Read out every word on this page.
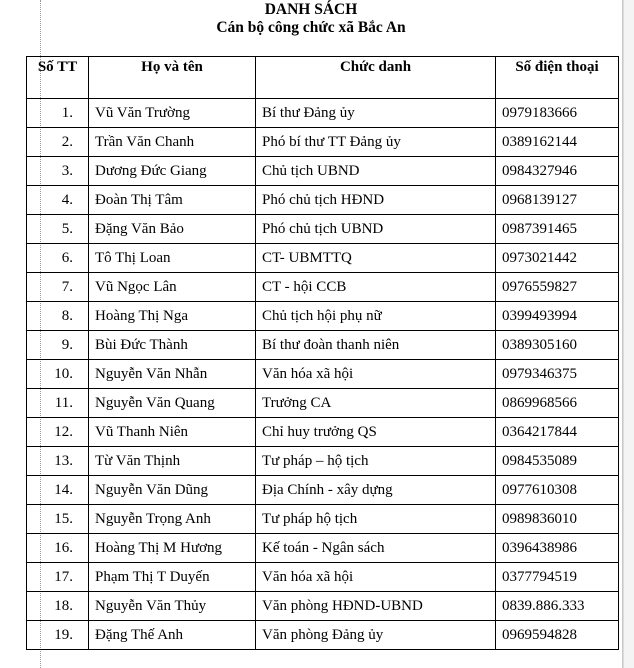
DANH SÁCH
Cán bộ công chức xã Bắc An
Số TT	Họ và tên	Chức danh	Số điện thoại
1.	Vũ Văn Trường	Bí thư Đảng ủy	0979183666
2.	Trần Văn Chanh	Phó bí thư TT Đảng ủy	0389162144
3.	Dương Đức Giang	Chủ tịch UBND	0984327946
4.	Đoàn Thị Tâm	Phó chủ tịch HĐND	0968139127
5.	Đặng Văn Bảo	Phó chủ tịch UBND	0987391465
6.	Tô Thị Loan	CT- UBMTTQ	0973021442
7.	Vũ Ngọc Lân	CT - hội CCB	0976559827
8.	Hoàng Thị Nga	Chủ tịch hội phụ nữ	0399493994
9.	Bùi Đức Thành	Bí thư đoàn thanh niên	0389305160
10.	Nguyễn Văn Nhẫn	Văn hóa xã hội	0979346375
11.	Nguyễn Văn Quang	Trưởng CA	0869968566
12.	Vũ Thanh Niên	Chỉ huy trưởng QS	0364217844
13.	Từ Văn Thịnh	Tư pháp – hộ tịch	0984535089
14.	Nguyễn Văn Dũng	Địa Chính - xây dựng	0977610308
15.	Nguyễn Trọng Anh	Tư pháp hộ tịch	0989836010
16.	Hoàng Thị M Hương	Kế toán - Ngân sách	0396438986
17.	Phạm Thị T Duyến	Văn hóa xã hội	0377794519
18.	Nguyễn Văn Thủy	Văn phòng HĐND-UBND	0839.886.333
19.	Đặng Thế Anh	Văn phòng Đảng ủy	0969594828
